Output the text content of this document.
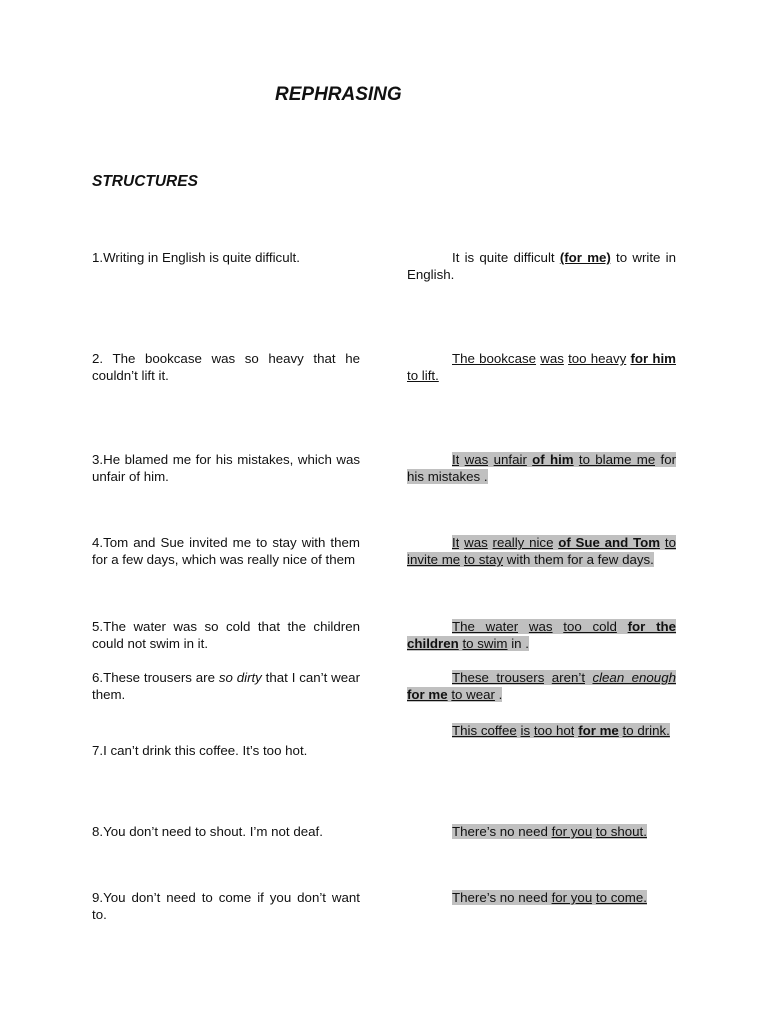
REPHRASING
STRUCTURES
1.Writing in English is quite difficult.	It is quite difficult (for me) to write in English.
2. The bookcase was so heavy that he couldn’t lift it.
The bookcase was too heavy for him to lift.
3.He blamed me for his mistakes, which was unfair of him.
It was unfair of him to blame me for his mistakes .
4.Tom and Sue invited me to stay with them for a few days, which was really nice of them
It was really nice of Sue and Tom to invite me to stay with them for a few days.
5.The water was so cold that the children could not swim in it.
The water was too cold for the children to swim in .
6.These trousers are so dirty that I can’t wear them.
These trousers aren’t clean enough for me to wear .
7.I can’t drink this coffee. It’s too hot.
This coffee is too hot for me to drink.
8.You don’t need to shout. I’m not deaf.	There’s no need for you to shout.
9.You don’t need to come if you don’t want to.
There’s no need for you to come.
